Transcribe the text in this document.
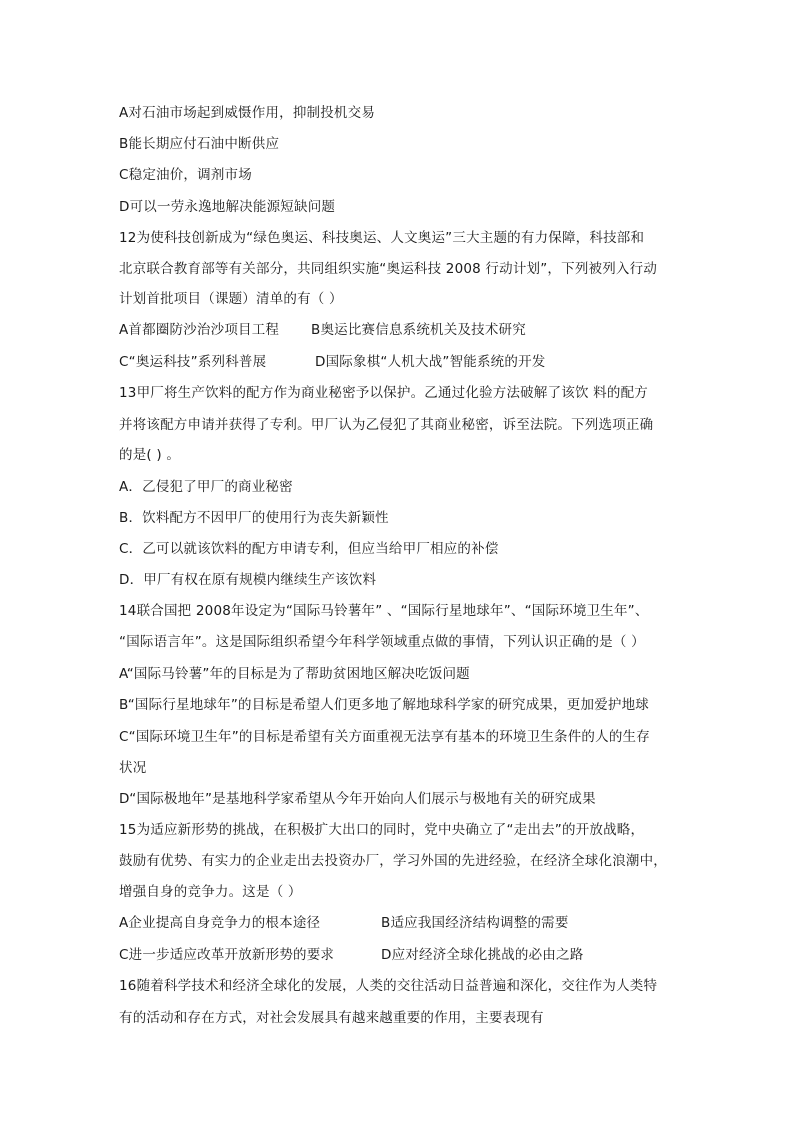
A对石油市场起到威慑作用，抑制投机交易
B能长期应付石油中断供应
C稳定油价，调剂市场
D可以一劳永逸地解决能源短缺问题
12为使科技创新成为“绿色奥运、科技奥运、人文奥运”三大主题的有力保障，科技部和
北京联合教育部等有关部分，共同组织实施“奥运科技 2008 行动计划”，下列被列入行动
计划首批项目（课题）清单的有（ ）
A首都圈防沙治沙项目工程 B奥运比赛信息系统机关及技术研究
C“奥运科技”系列科普展	D国际象棋“人机大战”智能系统的开发
13甲厂将生产饮料的配方作为商业秘密予以保护。乙通过化验方法破解了该饮 料的配方
并将该配方申请并获得了专利。甲厂认为乙侵犯了其商业秘密，诉至法院。下列选项正确
的是( ) 。
A．乙侵犯了甲厂的商业秘密
B．饮料配方不因甲厂的使用行为丧失新颖性
C．乙可以就该饮料的配方申请专利，但应当给甲厂相应的补偿
D．甲厂有权在原有规模内继续生产该饮料
14联合国把 2008年设定为“国际马铃薯年” 、“国际行星地球年”、“国际环境卫生年”、
“国际语言年”。这是国际组织希望今年科学领域重点做的事情，下列认识正确的是（ ）
A“国际马铃薯”年的目标是为了帮助贫困地区解决吃饭问题
B“国际行星地球年”的目标是希望人们更多地了解地球科学家的研究成果，更加爱护地球
C“国际环境卫生年”的目标是希望有关方面重视无法享有基本的环境卫生条件的人的生存
状况
D“国际极地年”是基地科学家希望从今年开始向人们展示与极地有关的研究成果
15为适应新形势的挑战，在积极扩大出口的同时，党中央确立了“走出去”的开放战略，
鼓励有优势、有实力的企业走出去投资办厂，学习外国的先进经验，在经济全球化浪潮中，
增强自身的竞争力。这是（ ）
A企业提高自身竞争力的根本途径	B适应我国经济结构调整的需要
C进一步适应改革开放新形势的要求	D应对经济全球化挑战的必由之路
16随着科学技术和经济全球化的发展，人类的交往活动日益普遍和深化，交往作为人类特
有的活动和存在方式，对社会发展具有越来越重要的作用，主要表现有
